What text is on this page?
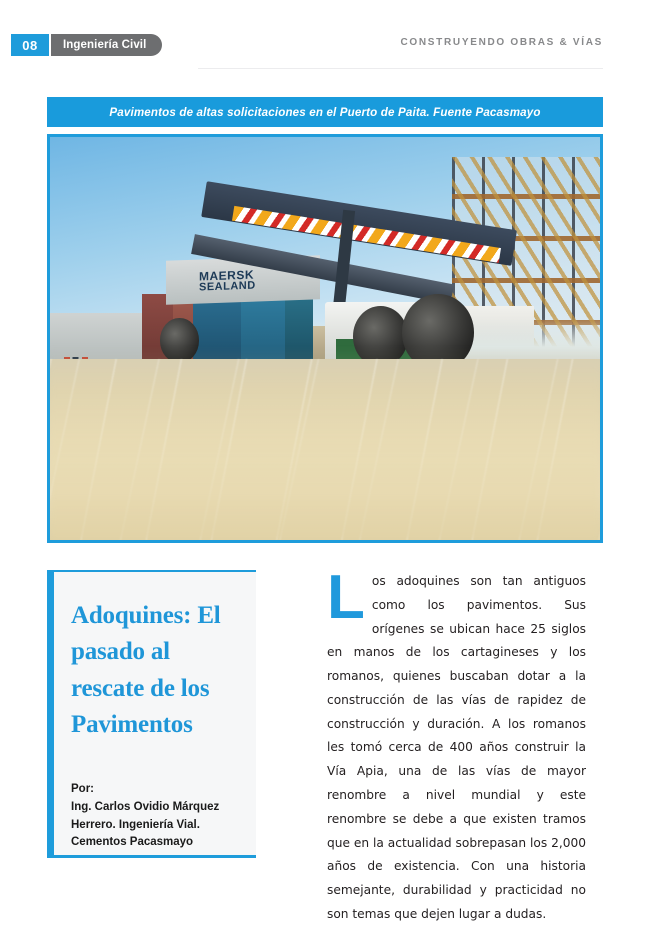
08	Ingeniería Civil	CONSTRUYENDO OBRAS & VÍAS
Pavimentos de altas solicitaciones en el Puerto de Paita. Fuente Pacasmayo
MAERSK
SEALAND
Adoquines: El pasado al rescate de los Pavimentos
Por:
Ing. Carlos Ovidio Márquez Herrero. Ingeniería Vial. Cementos Pacasmayo
Los adoquines son tan antiguos como los pavimentos. Sus orígenes se ubican hace 25 siglos en manos de los cartagineses y los romanos, quienes buscaban dotar a la construcción de las vías de rapidez de construcción y duración. A los romanos les tomó cerca de 400 años construir la Vía Apia, una de las vías de mayor renombre a nivel mundial y este renombre se debe a que existen tramos que en la actualidad sobrepasan los 2,000 años de existencia. Con una historia semejante, durabilidad y practicidad no son temas que dejen lugar a dudas.
